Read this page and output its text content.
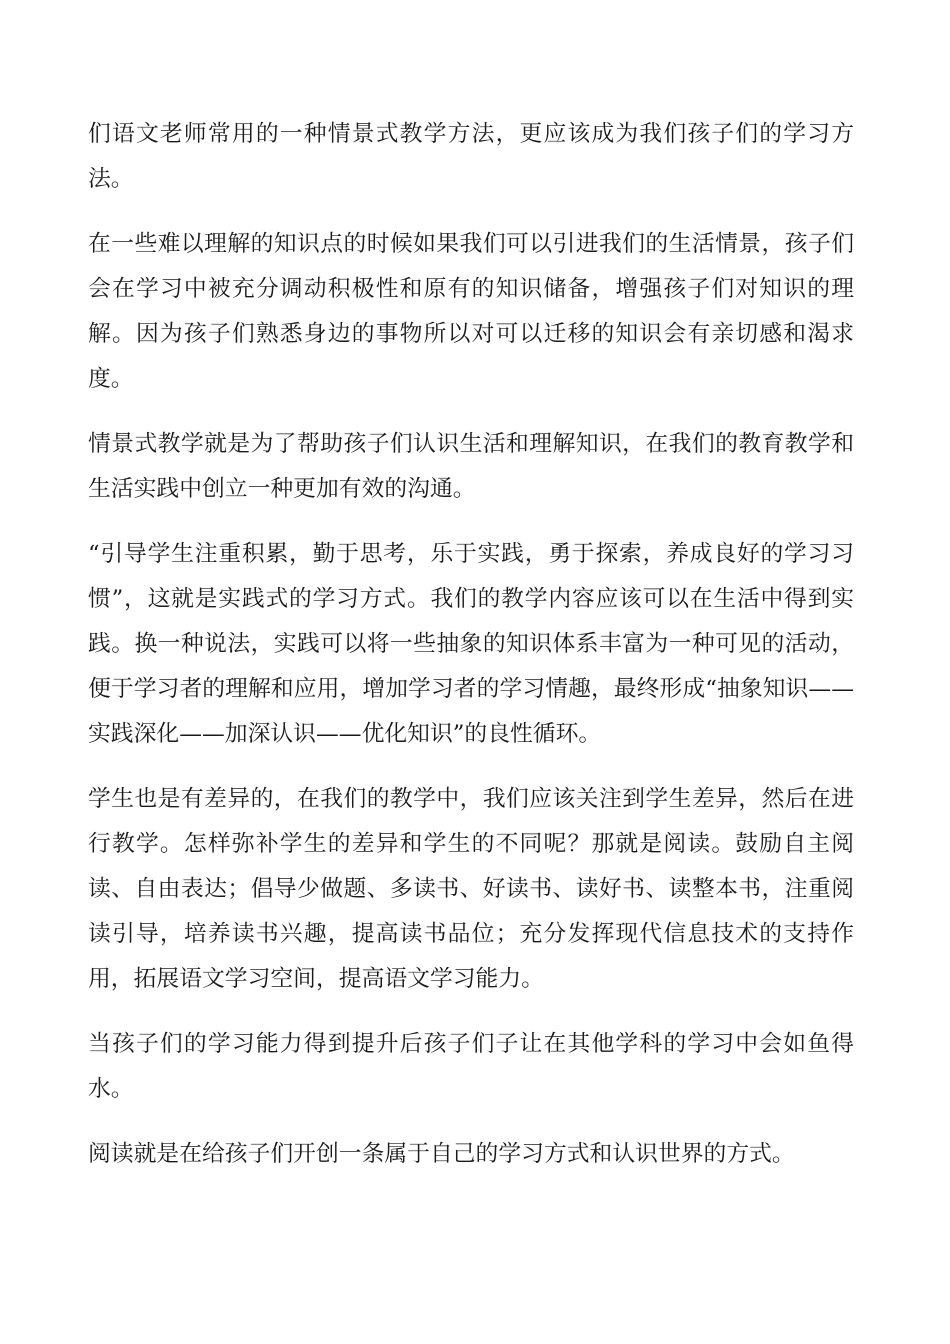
们语文老师常用的一种情景式教学方法，更应该成为我们孩子们的学习方法。

在一些难以理解的知识点的时候如果我们可以引进我们的生活情景，孩子们会在学习中被充分调动积极性和原有的知识储备，增强孩子们对知识的理解。因为孩子们熟悉身边的事物所以对可以迁移的知识会有亲切感和渴求度。

情景式教学就是为了帮助孩子们认识生活和理解知识，在我们的教育教学和生活实践中创立一种更加有效的沟通。

“引导学生注重积累，勤于思考，乐于实践，勇于探索，养成良好的学习习惯”，这就是实践式的学习方式。我们的教学内容应该可以在生活中得到实践。换一种说法，实践可以将一些抽象的知识体系丰富为一种可见的活动，便于学习者的理解和应用，增加学习者的学习情趣，最终形成“抽象知识——实践深化——加深认识——优化知识”的良性循环。

学生也是有差异的，在我们的教学中，我们应该关注到学生差异，然后在进行教学。怎样弥补学生的差异和学生的不同呢？那就是阅读。鼓励自主阅读、自由表达；倡导少做题、多读书、好读书、读好书、读整本书，注重阅读引导，培养读书兴趣，提高读书品位；充分发挥现代信息技术的支持作用，拓展语文学习空间，提高语文学习能力。

当孩子们的学习能力得到提升后孩子们子让在其他学科的学习中会如鱼得水。

阅读就是在给孩子们开创一条属于自己的学习方式和认识世界的方式。
